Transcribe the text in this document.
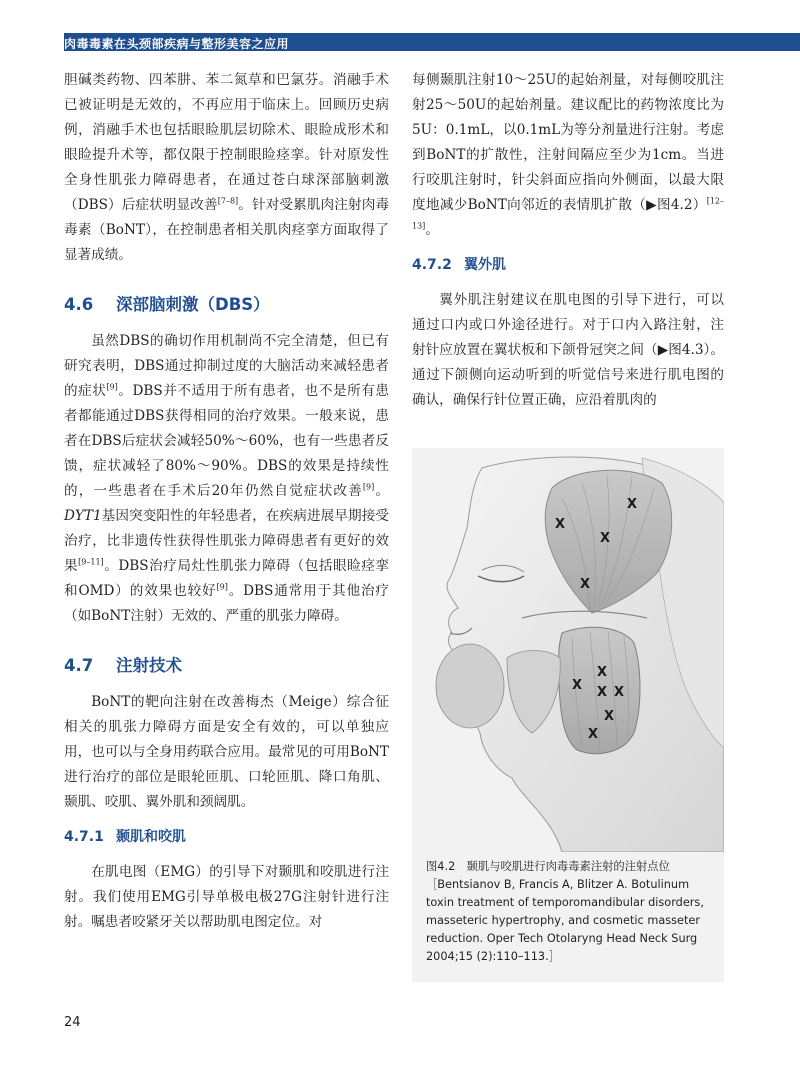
肉毒毒素在头颈部疾病与整形美容之应用

胆碱类药物、四苯肼、苯二氮草和巴氯芬。消融手术已被证明是无效的，不再应用于临床上。回顾历史病例，消融手术也包括眼睑肌层切除术、眼睑成形术和眼睑提升术等，都仅限于控制眼睑痉挛。针对原发性全身性肌张力障碍患者，在通过苍白球深部脑刺激（DBS）后症状明显改善[7–8]。针对受累肌肉注射肉毒毒素（BoNT），在控制患者相关肌肉痉挛方面取得了显著成绩。

4.6 深部脑刺激（DBS）

虽然DBS的确切作用机制尚不完全清楚，但已有研究表明，DBS通过抑制过度的大脑活动来减轻患者的症状[9]。DBS并不适用于所有患者，也不是所有患者都能通过DBS获得相同的治疗效果。一般来说，患者在DBS后症状会减轻50%～60%，也有一些患者反馈，症状减轻了80%～90%。DBS的效果是持续性的，一些患者在手术后20年仍然自觉症状改善[9]。DYT1基因突变阳性的年轻患者，在疾病进展早期接受治疗，比非遗传性获得性肌张力障碍患者有更好的效果[9–11]。DBS治疗局灶性肌张力障碍（包括眼睑痉挛和OMD）的效果也较好[9]。DBS通常用于其他治疗（如BoNT注射）无效的、严重的肌张力障碍。

4.7 注射技术

BoNT的靶向注射在改善梅杰（Meige）综合征相关的肌张力障碍方面是安全有效的，可以单独应用，也可以与全身用药联合应用。最常见的可用BoNT进行治疗的部位是眼轮匝肌、口轮匝肌、降口角肌、颞肌、咬肌、翼外肌和颈阔肌。

4.7.1 颞肌和咬肌

在肌电图（EMG）的引导下对颞肌和咬肌进行注射。我们使用EMG引导单极电极27G注射针进行注射。嘱患者咬紧牙关以帮助肌电图定位。对

每侧颞肌注射10～25U的起始剂量，对每侧咬肌注射25～50U的起始剂量。建议配比的药物浓度比为5U：0.1mL，以0.1mL为等分剂量进行注射。考虑到BoNT的扩散性，注射间隔应至少为1cm。当进行咬肌注射时，针尖斜面应指向外侧面，以最大限度地减少BoNT向邻近的表情肌扩散（▶图4.2）[12–13]。

4.7.2 翼外肌

翼外肌注射建议在肌电图的引导下进行，可以通过口内或口外途径进行。对于口内入路注射，注射针应放置在翼状板和下颌骨冠突之间（▶图4.3）。通过下颌侧向运动听到的听觉信号来进行肌电图的确认，确保行针位置正确，应沿着肌肉的

X
X
X
X
X
X X X
X
X
图4.2　颞肌与咬肌进行肉毒毒素注射的注射点位
［Bentsianov B, Francis A, Blitzer A. Botulinum toxin treatment of temporomandibular disorders, masseteric hypertrophy, and cosmetic masseter reduction. Oper Tech Otolaryng Head Neck Surg 2004;15 (2):110–113.］
24
